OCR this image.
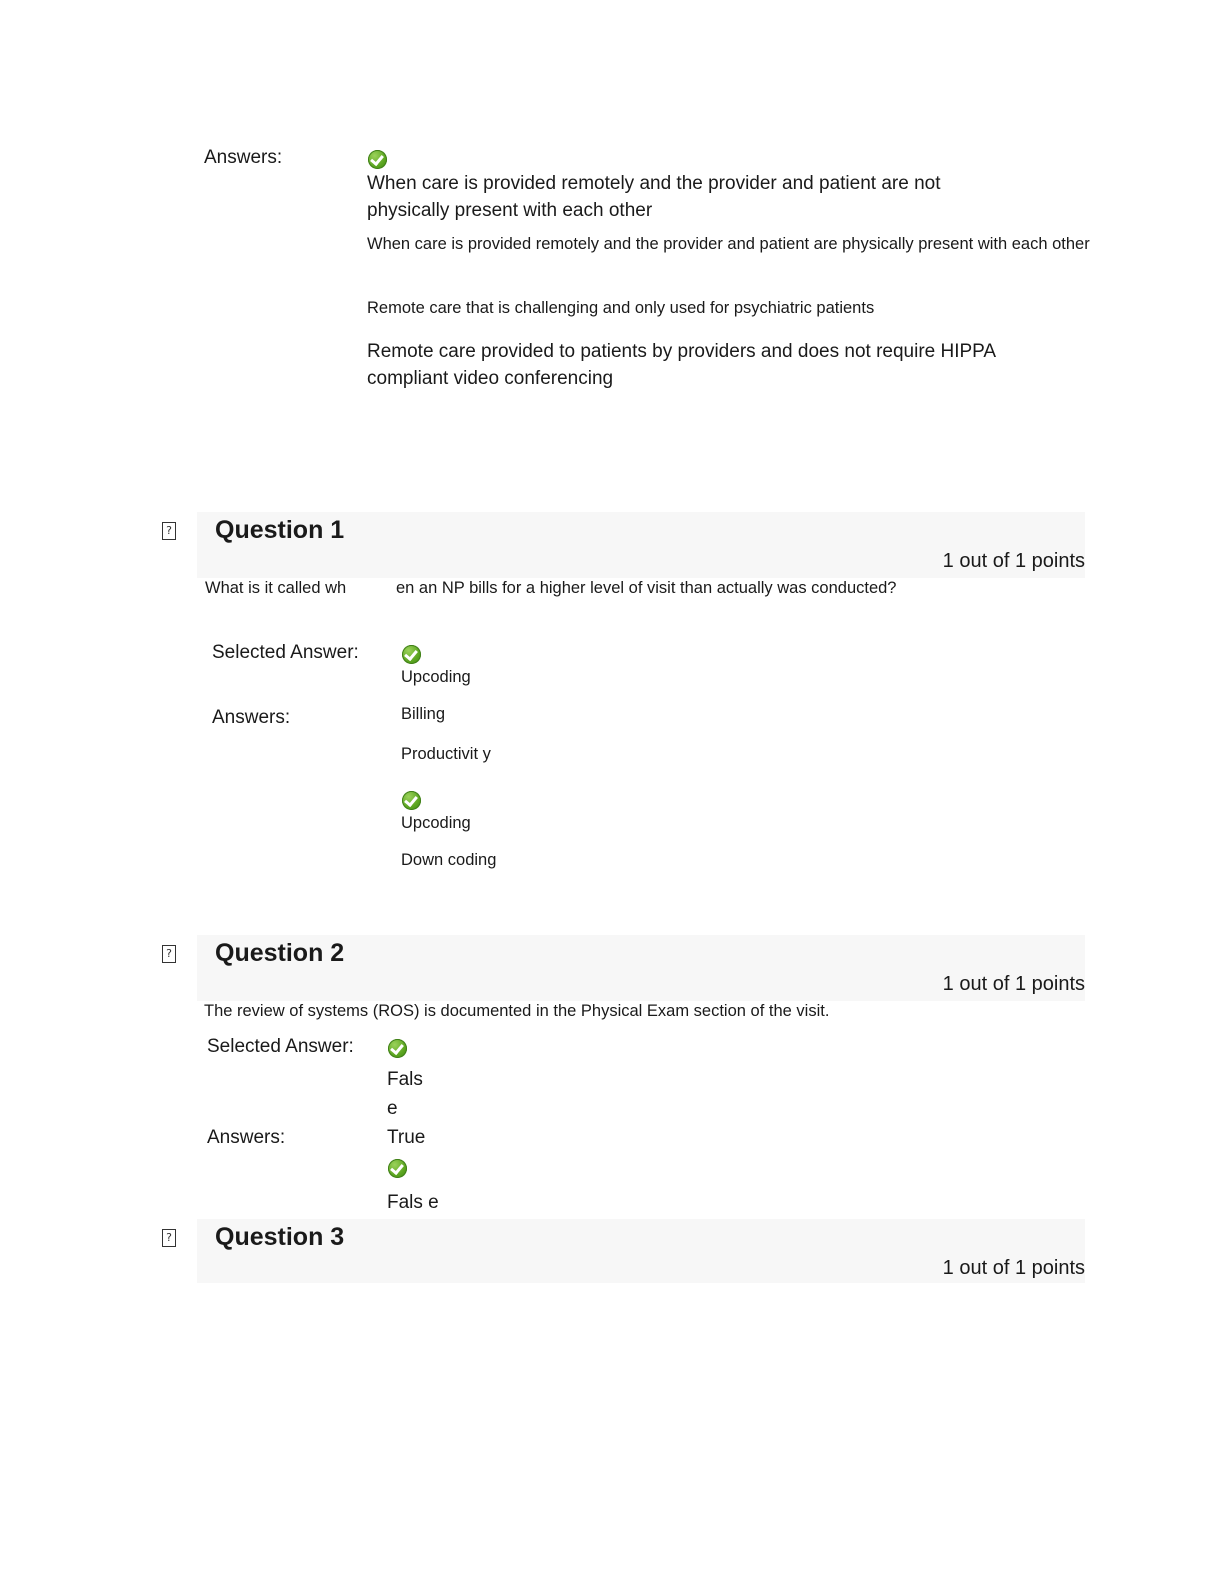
Answers:
When care is provided remotely and the provider and patient are not physically present with each other
When care is provided remotely and the provider and patient are physically present with each other
Remote care that is challenging and only used for psychiatric patients
Remote care provided to patients by providers and does not require HIPPA compliant video conferencing
? Question 1
1 out of 1 points
What is it called wh	en an NP bills for a higher level of visit than actually was conducted?
Selected Answer:
Upcoding
Answers:	Billing
Productivit y
Upcoding
Down coding
? Question 2
1 out of 1 points
The review of systems (ROS) is documented in the Physical Exam section of the visit.
Selected Answer:
Fals
e
Answers:	True
Fals e
? Question 3
1 out of 1 points
